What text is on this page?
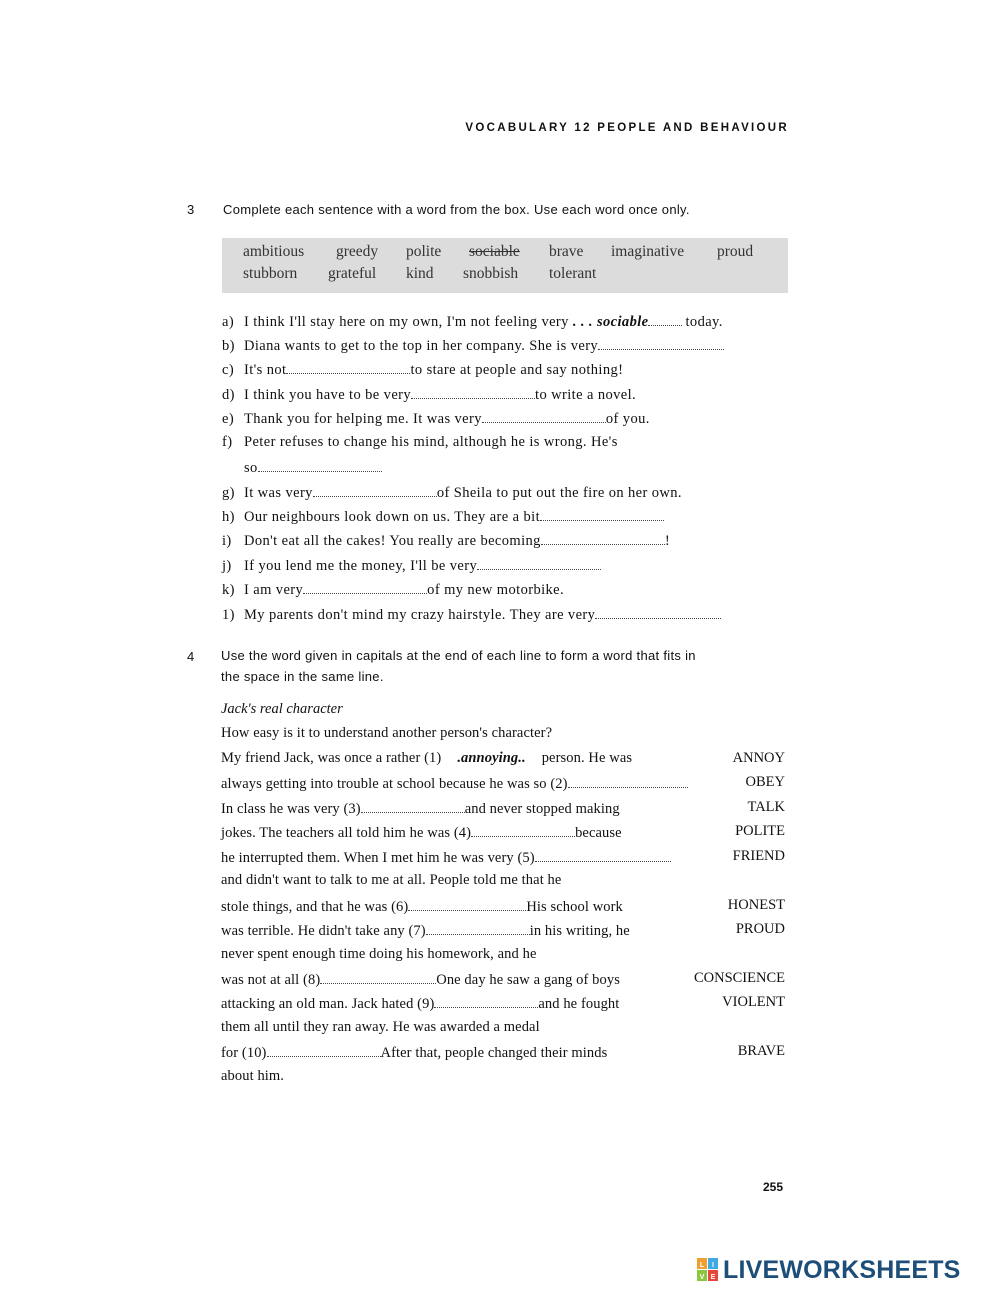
VOCABULARY 12 PEOPLE AND BEHAVIOUR
3 Complete each sentence with a word from the box. Use each word once only.
ambitious greedy polite sociable brave imaginative proud
stubborn grateful kind snobbish tolerant
a) I think I'll stay here on my own, I'm not feeling very . . . sociable	today.
b) Diana wants to get to the top in her company. She is very
c) It's not	to stare at people and say nothing!
d) I think you have to be very	to write a novel.
e) Thank you for helping me. It was very	of you.
f) Peter refuses to change his mind, although he is wrong. He's
so
g) It was very	of Sheila to put out the fire on her own.
h) Our neighbours look down on us. They are a bit
i) Don't eat all the cakes! You really are becoming	!
j) If you lend me the money, I'll be very
k) I am very	of my new motorbike.
1) My parents don't mind my crazy hairstyle. They are very
4 Use the word given in capitals at the end of each line to form a word that fits in
the space in the same line.
Jack's real character
How easy is it to understand another person's character?
My friend Jack, was once a rather (1) .annoying.. person. He was	ANNOY
always getting into trouble at school because he was so (2)	OBEY
In class he was very (3)	and never stopped making	TALK
jokes. The teachers all told him he was (4)	because	POLITE
he interrupted them. When I met him he was very (5)	FRIEND
and didn't want to talk to me at all. People told me that he
stole things, and that he was (6)	His school work	HONEST
was terrible. He didn't take any (7)	in his writing, he	PROUD
never spent enough time doing his homework, and he
was not at all (8)	One day he saw a gang of boys	CONSCIENCE
attacking an old man. Jack hated (9)	and he fought	VIOLENT
them all until they ran away. He was awarded a medal
for (10)	After that, people changed their minds	BRAVE
about him.
255
L I
V E LIVEWORKSHEETS
